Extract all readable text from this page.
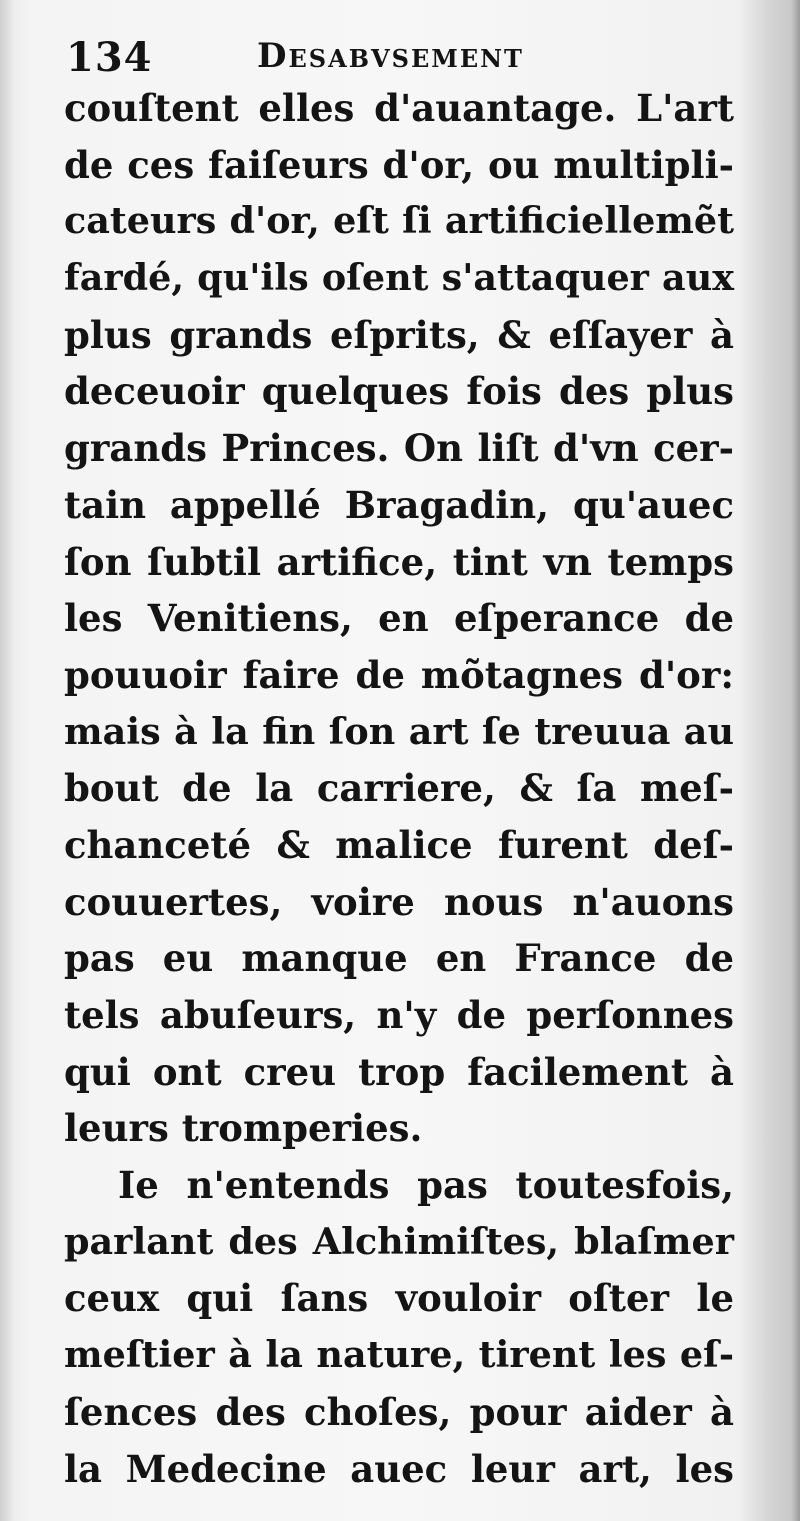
134	Desabvsement
couſtent elles d'auantage. L'art
de ces faiſeurs d'or, ou multipli-
cateurs d'or, eſt ſi artificiellemẽt
fardé, qu'ils oſent s'attaquer aux
plus grands eſprits, & eſſayer à
deceuoir quelques fois des plus
grands Princes. On liſt d'vn cer-
tain appellé Bragadin, qu'auec
ſon ſubtil artifice, tint vn temps
les Venitiens, en eſperance de
pouuoir faire de mõtagnes d'or:
mais à la fin ſon art ſe treuua au
bout de la carriere, & ſa meſ-
chanceté & malice furent deſ-
couuertes, voire nous n'auons
pas eu manque en France de
tels abuſeurs, n'y de perſonnes
qui ont creu trop facilement à
leurs tromperies.
Ie n'entends pas toutesfois,
parlant des Alchimiſtes, blaſmer
ceux qui ſans vouloir oſter le
meſtier à la nature, tirent les eſ-
ſences des choſes, pour aider à
la Medecine auec leur art, les
